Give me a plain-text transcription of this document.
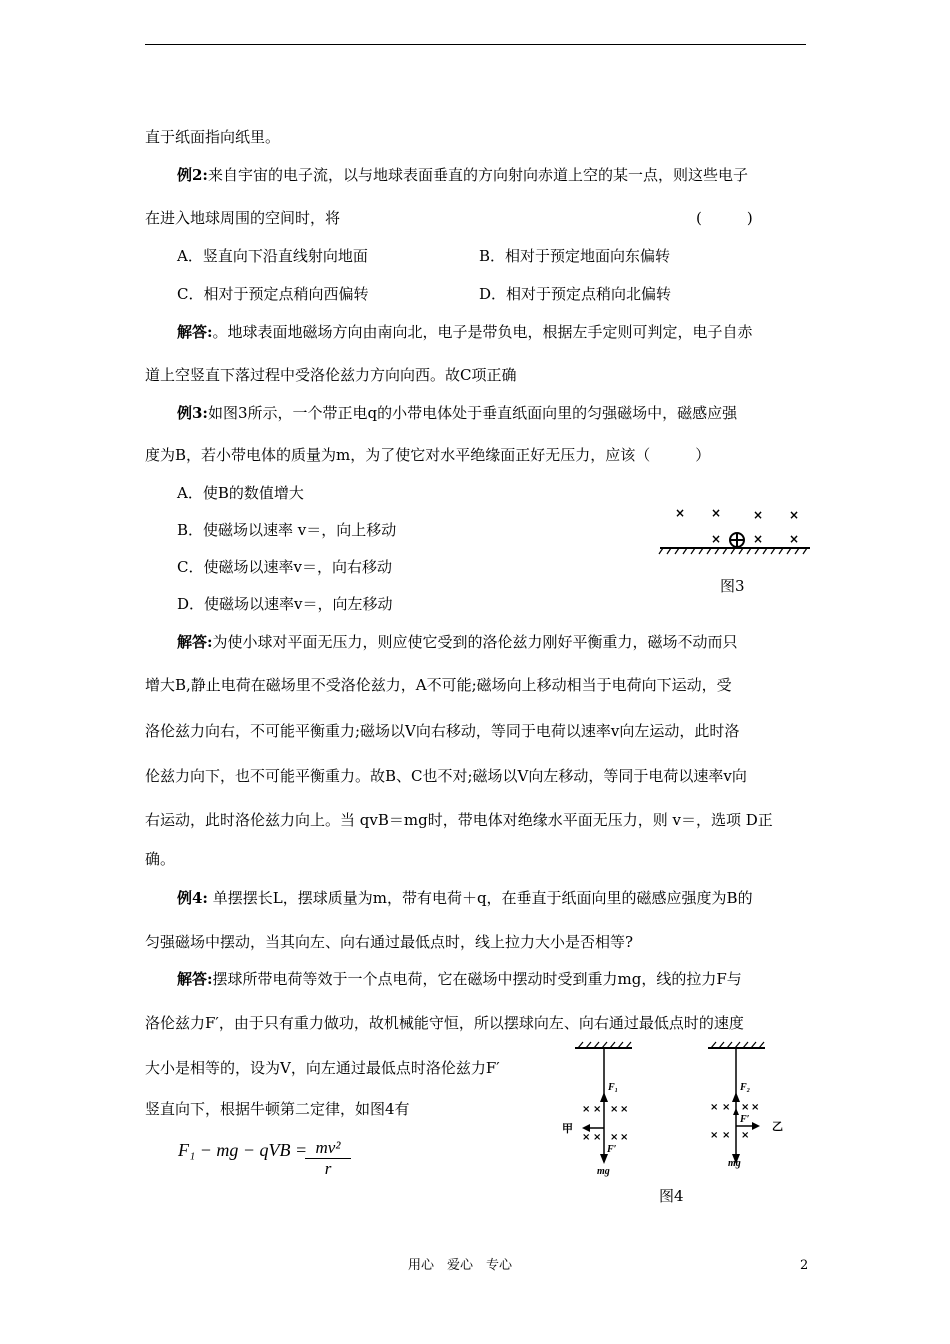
直于纸面指向纸里。
例2:来自宇宙的电子流，以与地球表面垂直的方向射向赤道上空的某一点，则这些电子
在进入地球周围的空间时，将	(　　　)
A．竖直向下沿直线射向地面	B．相对于预定地面向东偏转
C．相对于预定点稍向西偏转	D．相对于预定点稍向北偏转
解答:。地球表面地磁场方向由南向北，电子是带负电，根据左手定则可判定，电子自赤
道上空竖直下落过程中受洛伦兹力方向向西。故C项正确
例3:如图3所示，一个带正电q的小带电体处于垂直纸面向里的匀强磁场中，磁感应强
度为B，若小带电体的质量为m，为了使它对水平绝缘面正好无压力，应该（　　　）
A．使B的数值增大
B．使磁场以速率 v＝，向上移动
C．使磁场以速率v＝，向右移动
D．使磁场以速率v＝，向左移动
× ×	× ×
×	× ×
图3
解答:为使小球对平面无压力，则应使它受到的洛伦兹力刚好平衡重力，磁场不动而只
增大B,静止电荷在磁场里不受洛伦兹力，A不可能;磁场向上移动相当于电荷向下运动，受
洛伦兹力向右，不可能平衡重力;磁场以V向右移动，等同于电荷以速率v向左运动，此时洛
伦兹力向下，也不可能平衡重力。故B、C也不对;磁场以V向左移动，等同于电荷以速率v向
右运动，此时洛伦兹力向上。当 qvB＝mg时，带电体对绝缘水平面无压力，则 v＝，选项 D正
确。
例4: 单摆摆长L，摆球质量为m，带有电荷＋q，在垂直于纸面向里的磁感应强度为B的
匀强磁场中摆动，当其向左、向右通过最低点时，线上拉力大小是否相等?
解答:摆球所带电荷等效于一个点电荷，它在磁场中摆动时受到重力mg，线的拉力F与
洛伦兹力F′，由于只有重力做功，故机械能守恒，所以摆球向左、向右通过最低点时的速度
大小是相等的，设为V，向左通过最低点时洛伦兹力F′
竖直向下，根据牛顿第二定律，如图4有
F₁ − mg − qVB =
$\frac{\text{mv²}}{r}$
× × × ×
× × × ×
F₁
F′
mg
甲
× × × ×
× × ×
F₂
F′
mg
乙
图4
用心　爱心　专心	2
